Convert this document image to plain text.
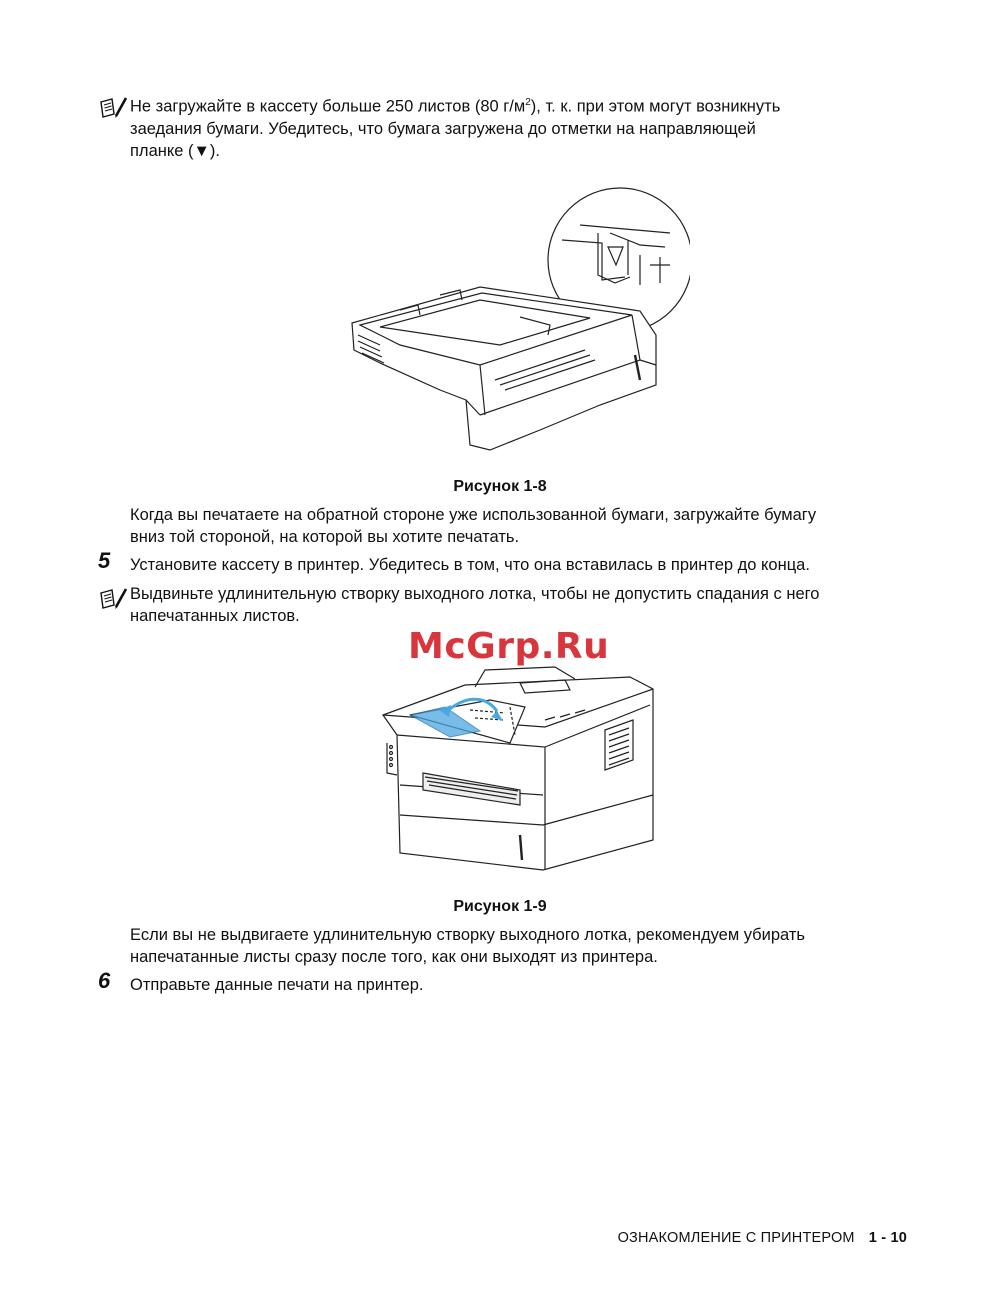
Не загружайте в кассету больше 250 листов (80 $г/м^2$), т. к. при этом могут возникнуть
заедания бумаги. Убедитесь, что бумага загружена до отметки на направляющей
планке (▼).
Рисунок 1-8
Когда вы печатаете на обратной стороне уже использованной бумаги, загружайте бумагу
вниз той стороной, на которой вы хотите печатать.
5 Установите кассету в принтер. Убедитесь в том, что она вставилась в принтер до конца.
Выдвиньте удлинительную створку выходного лотка, чтобы не допустить спадания с него
напечатанных листов.
McGrp.Ru
Рисунок 1-9
Если вы не выдвигаете удлинительную створку выходного лотка, рекомендуем убирать
напечатанные листы сразу после того, как они выходят из принтера.
6 Отправьте данные печати на принтер.
ОЗНАКОМЛЕНИЕ С ПРИНТЕРОМ 1 - 10
